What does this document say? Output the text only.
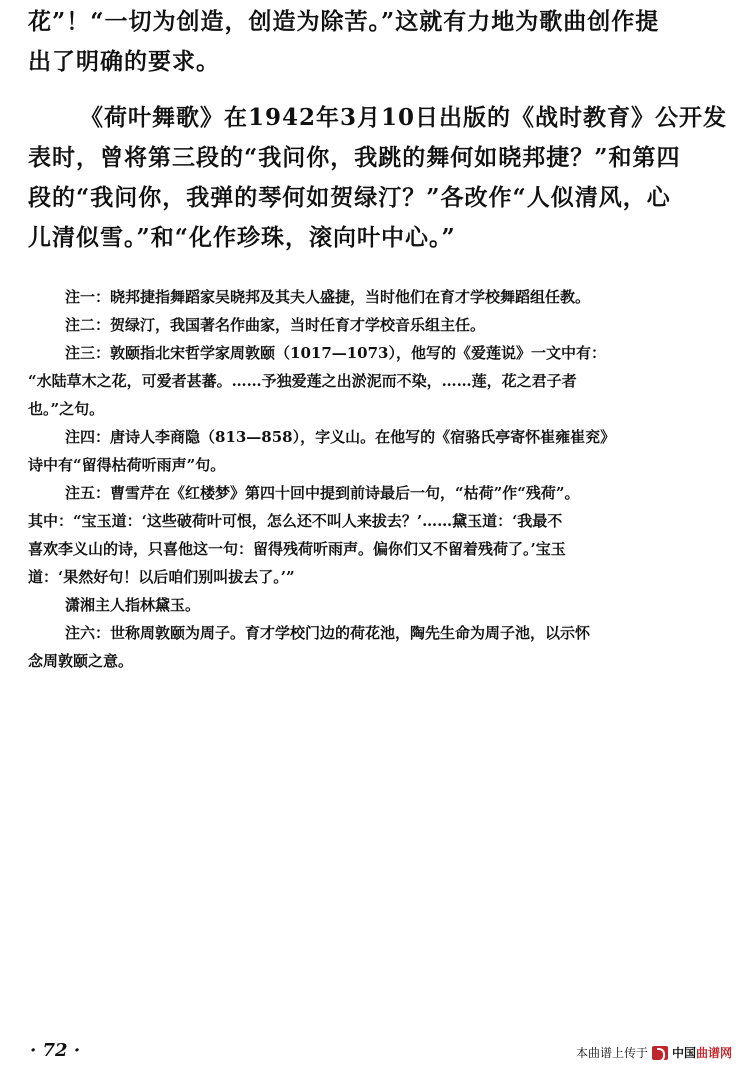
花”！“一切为创造，创造为除苦。”这就有力地为歌曲创作提
出了明确的要求。
《荷叶舞歌》在1942年3月10日出版的《战时教育》公开发
表时，曾将第三段的“我问你，我跳的舞何如晓邦捷？”和第四
段的“我问你，我弹的琴何如贺绿汀？”各改作“人似清风，心
儿清似雪。”和“化作珍珠，滚向叶中心。”
注一：晓邦捷指舞蹈家吴晓邦及其夫人盛捷，当时他们在育才学校舞蹈组任教。
注二：贺绿汀，我国著名作曲家，当时任育才学校音乐组主任。
注三：敦颐指北宋哲学家周敦颐（1017—1073），他写的《爱莲说》一文中有：
“水陆草木之花，可爱者甚蕃。……予独爱莲之出淤泥而不染，……莲，花之君子者
也。”之句。
注四：唐诗人李商隐（813—858），字义山。在他写的《宿骆氏亭寄怀崔雍崔兖》
诗中有“留得枯荷听雨声”句。
注五：曹雪芹在《红楼梦》第四十回中提到前诗最后一句，“枯荷”作“残荷”。
其中：“宝玉道：‘这些破荷叶可恨，怎么还不叫人来拔去？’……黛玉道：‘我最不
喜欢李义山的诗，只喜他这一句：留得残荷听雨声。偏你们又不留着残荷了。’宝玉
道：‘果然好句！以后咱们别叫拔去了。’”
潇湘主人指林黛玉。
注六：世称周敦颐为周子。育才学校门边的荷花池，陶先生命为周子池，以示怀
念周敦颐之意。
· 72 ·	本曲谱上传于 中国曲谱网
